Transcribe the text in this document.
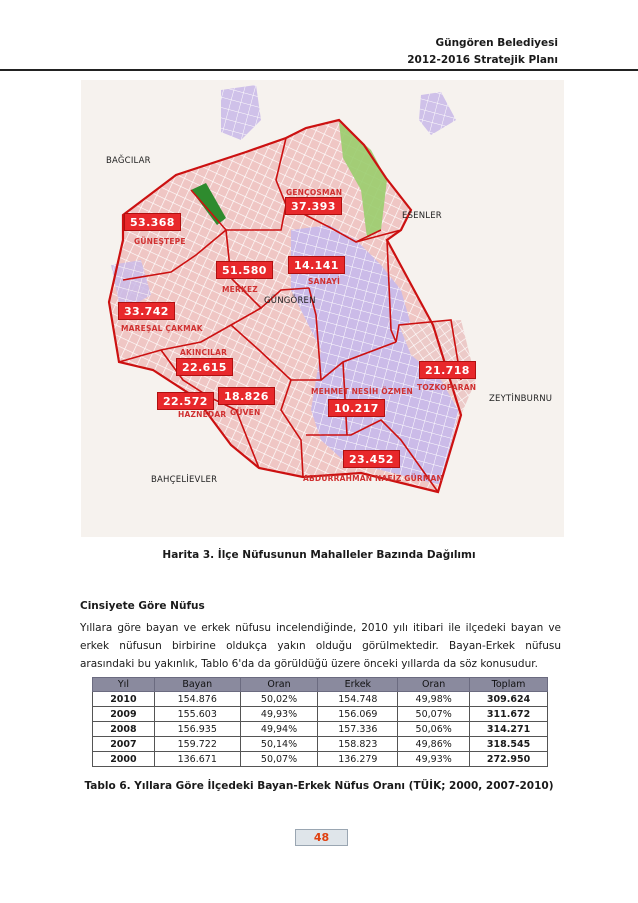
Güngören Belediyesi
2012-2016 Stratejik Planı
BAĞCILAR
ESENLER
ZEYTİNBURNU
BAHÇELİEVLER
GÜNGÖREN
GENÇOSMAN
GÜNEŞTEPE
MERKEZ
SANAYİ
MAREŞAL ÇAKMAK
AKINCILAR
HAZNEDAR GÜVEN
MEHMET NESİH ÖZMEN TOZKOPARAN
ABDURRAHMAN NAFİZ GÜRMAN
37.393
53.368
51.580	14.141
33.742
22.615
22.572	18.826
10.217
21.718
23.452
Harita 3. İlçe Nüfusunun Mahalleler Bazında Dağılımı
Cinsiyete Göre Nüfus
Yıllara göre bayan ve erkek nüfusu incelendiğinde, 2010 yılı itibari ile ilçedeki bayan ve erkek nüfusun birbirine oldukça yakın olduğu görülmektedir. Bayan-Erkek nüfusu arasındaki bu yakınlık, Tablo 6'da da görüldüğü üzere önceki yıllarda da söz konusudur.
Yıl	Bayan	Oran	Erkek	Oran	Toplam
2010	154.876	50,02%	154.748	49,98%	309.624
2009	155.603	49,93%	156.069	50,07%	311.672
2008	156.935	49,94%	157.336	50,06%	314.271
2007	159.722	50,14%	158.823	49,86%	318.545
2000	136.671	50,07%	136.279	49,93%	272.950
Tablo 6. Yıllara Göre İlçedeki Bayan-Erkek Nüfus Oranı (TÜİK; 2000, 2007-2010)
48
